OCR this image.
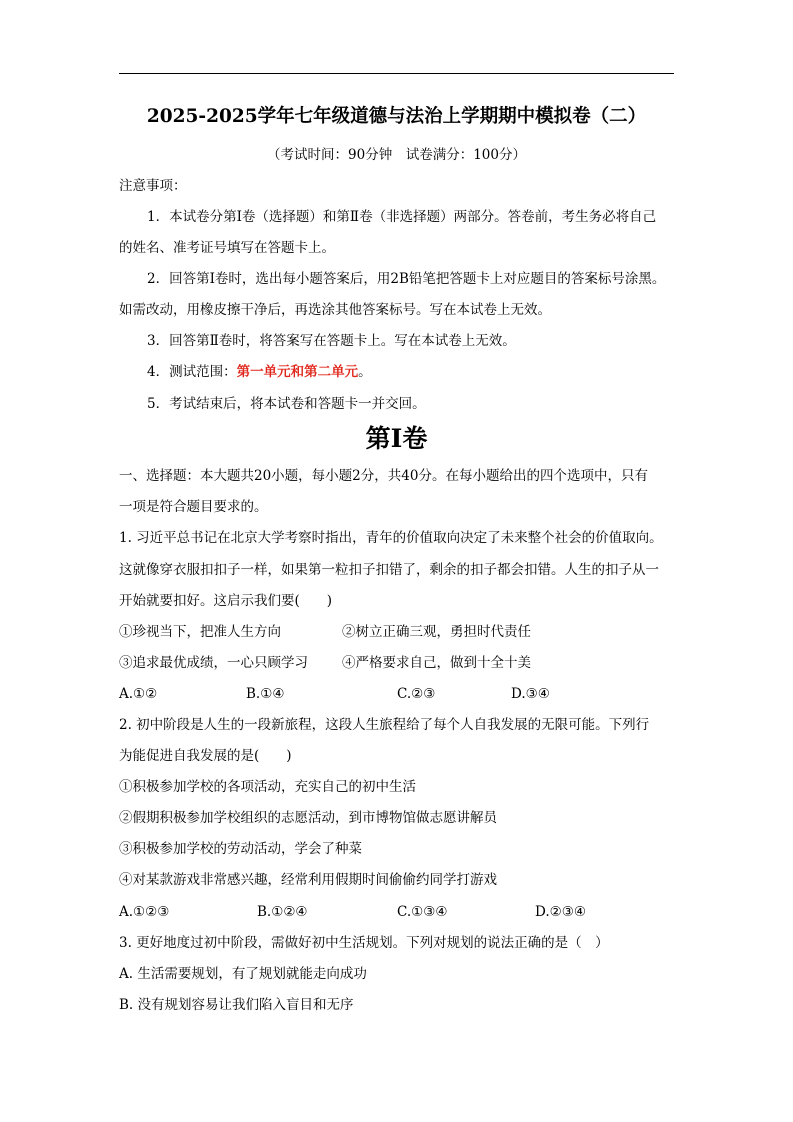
2025-2025学年七年级道德与法治上学期期中模拟卷（二）
（考试时间：90分钟　试卷满分：100分）
注意事项：
1．本试卷分第Ⅰ卷（选择题）和第Ⅱ卷（非选择题）两部分。答卷前，考生务必将自己
的姓名、准考证号填写在答题卡上。
2．回答第Ⅰ卷时，选出每小题答案后，用2B铅笔把答题卡上对应题目的答案标号涂黑。
如需改动，用橡皮擦干净后，再选涂其他答案标号。写在本试卷上无效。
3．回答第Ⅱ卷时，将答案写在答题卡上。写在本试卷上无效。
4．测试范围：第一单元和第二单元。
5．考试结束后，将本试卷和答题卡一并交回。
第Ⅰ卷
一、选择题：本大题共20小题，每小题2分，共40分。在每小题给出的四个选项中，只有
一项是符合题目要求的。
1. 习近平总书记在北京大学考察时指出，青年的价值取向决定了未来整个社会的价值取向。
这就像穿衣服扣扣子一样，如果第一粒扣子扣错了，剩余的扣子都会扣错。人生的扣子从一
开始就要扣好。这启示我们要(　　)
①珍视当下，把准人生方向	②树立正确三观，勇担时代责任
③追求最优成绩，一心只顾学习	④严格要求自己，做到十全十美
A.①②	B.①④	C.②③	D.③④
2. 初中阶段是人生的一段新旅程，这段人生旅程给了每个人自我发展的无限可能。下列行
为能促进自我发展的是(　　)
①积极参加学校的各项活动，充实自己的初中生活
②假期积极参加学校组织的志愿活动，到市博物馆做志愿讲解员
③积极参加学校的劳动活动，学会了种菜
④对某款游戏非常感兴趣，经常利用假期时间偷偷约同学打游戏
A.①②③	B.①②④	C.①③④	D.②③④
3. 更好地度过初中阶段，需做好初中生活规划。下列对规划的说法正确的是（　）
A. 生活需要规划，有了规划就能走向成功
B. 没有规划容易让我们陷入盲目和无序
